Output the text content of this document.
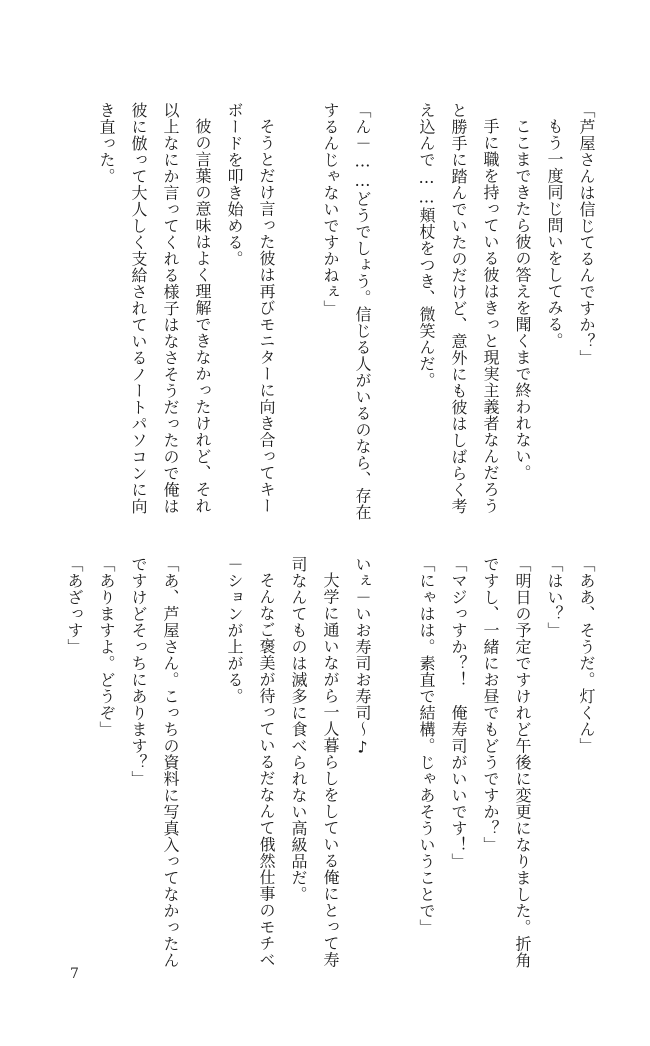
「芦屋さんは信じてるんですか？」
もう一度同じ問いをしてみる。
ここまできたら彼の答えを聞くまで終われない。
手に職を持っている彼はきっと現実主義者なんだろう
と勝手に踏んでいたのだけど、意外にも彼はしばらく考
え込んで……頬杖をつき、微笑んだ。
「ん－……どうでしょう。信じる人がいるのなら、存在
するんじゃないですかねぇ」
そうとだけ言った彼は再びモニターに向き合ってキー
ボードを叩き始める。
彼の言葉の意味はよく理解できなかったけれど、それ
以上なにか言ってくれる様子はなさそうだったので俺は
彼に倣って大人しく支給されているノートパソコンに向
き直った。
「ああ、そうだ。灯くん」
「はい？」
「明日の予定ですけれど午後に変更になりました。折角
ですし、一緒にお昼でもどうですか？」
「マジっすか？！　俺寿司がいいです！」
「にゃはは。素直で結構。じゃあそういうことで」
いぇ－いお寿司お寿司～♪
大学に通いながら一人暮らしをしている俺にとって寿
司なんてものは滅多に食べられない高級品だ。
そんなご褒美が待っているだなんて俄然仕事のモチベ
－ションが上がる。
「あ、芦屋さん。こっちの資料に写真入ってなかったん
ですけどそっちにあります？」
「ありますよ。どうぞ」
「あざっす」
7
